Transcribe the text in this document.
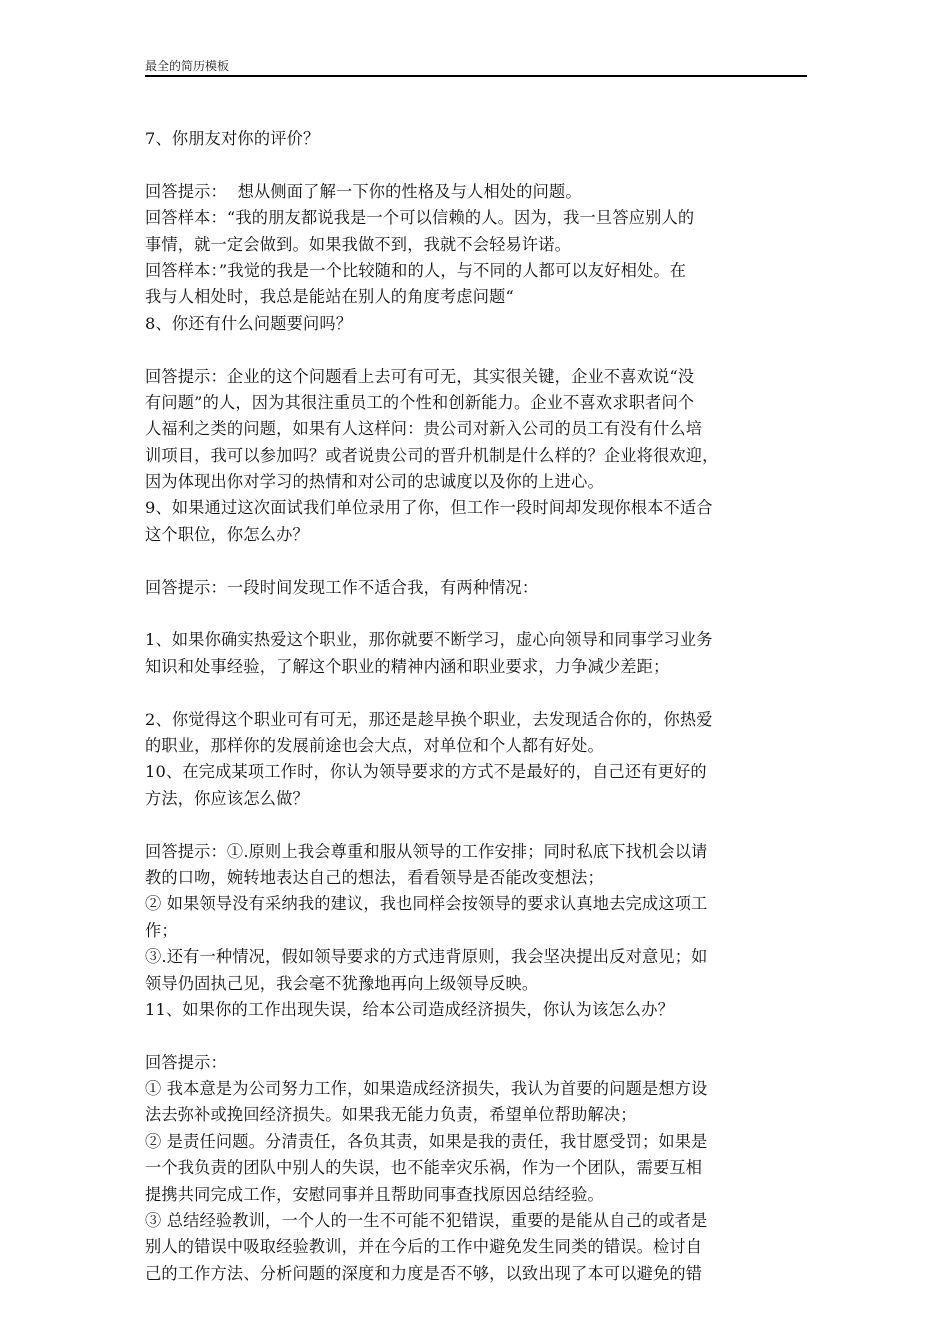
最全的简历模板
7、你朋友对你的评价？
回答提示：  想从侧面了解一下你的性格及与人相处的问题。
回答样本：“我的朋友都说我是一个可以信赖的人。因为，我一旦答应别人的
事情，就一定会做到。如果我做不到，我就不会轻易许诺。
回答样本：”我觉的我是一个比较随和的人，与不同的人都可以友好相处。在
我与人相处时，我总是能站在别人的角度考虑问题“
8、你还有什么问题要问吗？
回答提示：企业的这个问题看上去可有可无，其实很关键，企业不喜欢说“没
有问题”的人，因为其很注重员工的个性和创新能力。企业不喜欢求职者问个
人福利之类的问题，如果有人这样问：贵公司对新入公司的员工有没有什么培
训项目，我可以参加吗？或者说贵公司的晋升机制是什么样的？企业将很欢迎，
因为体现出你对学习的热情和对公司的忠诚度以及你的上进心。
9、如果通过这次面试我们单位录用了你，但工作一段时间却发现你根本不适合
这个职位，你怎么办？
回答提示：一段时间发现工作不适合我，有两种情况：
1、如果你确实热爱这个职业，那你就要不断学习，虚心向领导和同事学习业务
知识和处事经验，了解这个职业的精神内涵和职业要求，力争减少差距；
2、你觉得这个职业可有可无，那还是趁早换个职业，去发现适合你的，你热爱
的职业，那样你的发展前途也会大点，对单位和个人都有好处。
10、在完成某项工作时，你认为领导要求的方式不是最好的，自己还有更好的
方法，你应该怎么做？
回答提示：①.原则上我会尊重和服从领导的工作安排；同时私底下找机会以请
教的口吻，婉转地表达自己的想法，看看领导是否能改变想法；
② 如果领导没有采纳我的建议，我也同样会按领导的要求认真地去完成这项工
作；
③.还有一种情况，假如领导要求的方式违背原则，我会坚决提出反对意见；如
领导仍固执己见，我会毫不犹豫地再向上级领导反映。
11、如果你的工作出现失误，给本公司造成经济损失，你认为该怎么办？
回答提示：
① 我本意是为公司努力工作，如果造成经济损失，我认为首要的问题是想方设
法去弥补或挽回经济损失。如果我无能力负责，希望单位帮助解决；
② 是责任问题。分清责任，各负其责，如果是我的责任，我甘愿受罚；如果是
一个我负责的团队中别人的失误，也不能幸灾乐祸，作为一个团队，需要互相
提携共同完成工作，安慰同事并且帮助同事查找原因总结经验。
③ 总结经验教训，一个人的一生不可能不犯错误，重要的是能从自己的或者是
别人的错误中吸取经验教训，并在今后的工作中避免发生同类的错误。检讨自
己的工作方法、分析问题的深度和力度是否不够，以致出现了本可以避免的错
